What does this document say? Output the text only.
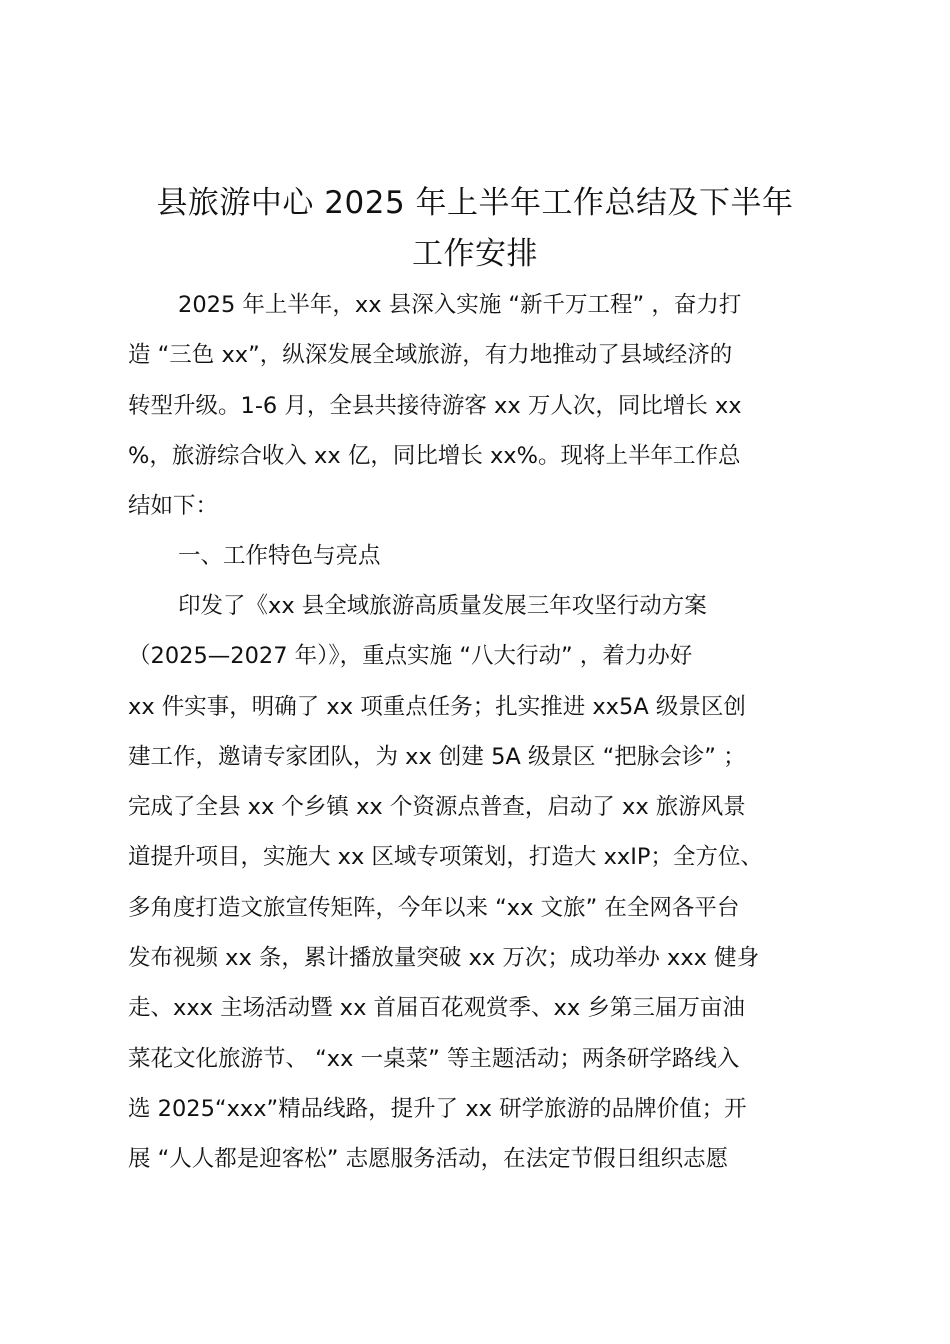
县旅游中心 2025 年上半年工作总结及下半年
工作安排
2025 年上半年，xx 县深入实施 “新千万工程” ，奋力打
造 “三色 xx”，纵深发展全域旅游，有力地推动了县域经济的
转型升级。1-6 月，全县共接待游客 xx 万人次，同比增长 xx
%，旅游综合收入 xx 亿，同比增长 xx%。现将上半年工作总
结如下：
一、工作特色与亮点
印发了《xx 县全域旅游高质量发展三年攻坚行动方案
（2025—2027 年）》，重点实施 “八大行动” ，着力办好
xx 件实事，明确了 xx 项重点任务；扎实推进 xx5A 级景区创
建工作，邀请专家团队，为 xx 创建 5A 级景区 “把脉会诊” ；
完成了全县 xx 个乡镇 xx 个资源点普查，启动了 xx 旅游风景
道提升项目，实施大 xx 区域专项策划，打造大 xxIP；全方位、
多角度打造文旅宣传矩阵，今年以来 “xx 文旅” 在全网各平台
发布视频 xx 条，累计播放量突破 xx 万次；成功举办 xxx 健身
走、xxx 主场活动暨 xx 首届百花观赏季、xx 乡第三届万亩油
菜花文化旅游节、 “xx 一桌菜” 等主题活动；两条研学路线入
选 2025“xxx”精品线路，提升了 xx 研学旅游的品牌价值；开
展 “人人都是迎客松” 志愿服务活动，在法定节假日组织志愿
